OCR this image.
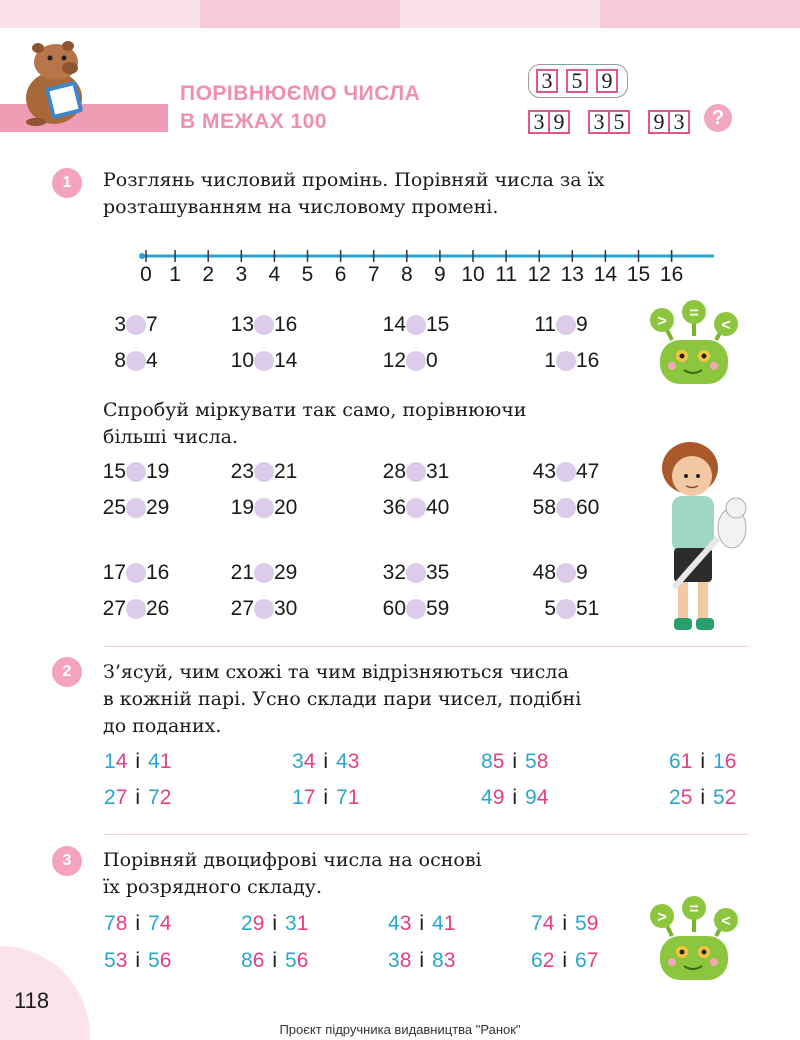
ПОРІВНЮЄМО ЧИСЛА
В МЕЖАХ 100
3 5 9
3 9 3 5 9 3	?
1	Розглянь числовий промінь. Порівняй числа за їх
розташуванням на числовому промені.
0 1	2	3	4	5	6	7	8	9 10 11 12 13 14 15 16
3 7	13 16	14 15	11 9
8 4	10 14	12 0	1 16
Спробуй міркувати так само, порівнюючи
більші числа.
15 19	23 21	28 31	43 47
25 29	19 20	36 40	58 60
17 16	21 29	32 35	48 9
27 26	27 30	60 59	5 51
> =
<
2	З’ясуй, чим схожі та чим відрізняються числа
в кожній парі. Усно склади пари чисел, подібні
до поданих.
14 і 41	34 і 43	85 і 58	61 і 16
27 і 72	17 і 71	49 і 94	25 і 52
3	Порівняй двоцифрові числа на основі
їх розрядного складу.
78 і 74	29 і 31	43 і 41	74 і 59
53 і 56	86 і 56	38 і 83	62 і 67
> =
<
118
Проєкт підручника видавництва "Ранок"
